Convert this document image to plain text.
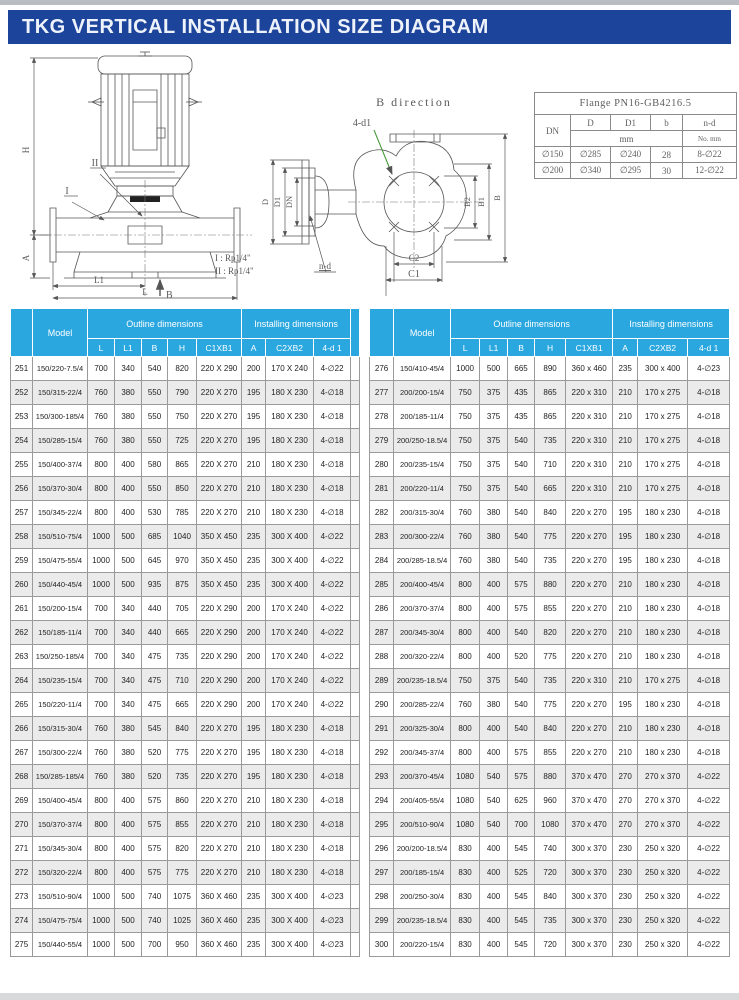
TKG VERTICAL INSTALLATION SIZE DIAGRAM
H
A
L1
L B
I
II
B direction
4-d1
D D1 DN	B2 B1 B
C2
C1
n-d
I : Rp1/4"
II : Rp1/4"
Flange PN16-GB4216.5				
DN	D	D1	b	n-d
	mm			No. mm
∅150	∅285	∅240	28	8-∅22
∅200	∅340	∅295	30	12-∅22
	Model	Outline dimensions					Installing dimensions			
		L	L1	B	H	C1XB1	A	C2XB2	4-d 1	
251	150/220-7.5/4	700	340	540	820	220 X 290	200	170 X 240	4-∅22	
252	150/315-22/4	760	380	550	790	220 X 270	195	180 X 230	4-∅18	
253	150/300-185/4	760	380	550	750	220 X 270	195	180 X 230	4-∅18	
254	150/285-15/4	760	380	550	725	220 X 270	195	180 X 230	4-∅18	
255	150/400-37/4	800	400	580	865	220 X 270	210	180 X 230	4-∅18	
256	150/370-30/4	800	400	550	850	220 X 270	210	180 X 230	4-∅18	
257	150/345-22/4	800	400	530	785	220 X 270	210	180 X 230	4-∅18	
258	150/510-75/4	1000	500	685	1040	350 X 450	235	300 X 400	4-∅22	
259	150/475-55/4	1000	500	645	970	350 X 450	235	300 X 400	4-∅22	
260	150/440-45/4	1000	500	935	875	350 X 450	235	300 X 400	4-∅22	
261	150/200-15/4	700	340	440	705	220 X 290	200	170 X 240	4-∅22	
262	150/185-11/4	700	340	440	665	220 X 290	200	170 X 240	4-∅22	
263	150/250-185/4	700	340	475	735	220 X 290	200	170 X 240	4-∅22	
264	150/235-15/4	700	340	475	710	220 X 290	200	170 X 240	4-∅22	
265	150/220-11/4	700	340	475	665	220 X 290	200	170 X 240	4-∅22	
266	150/315-30/4	760	380	545	840	220 X 270	195	180 X 230	4-∅18	
267	150/300-22/4	760	380	520	775	220 X 270	195	180 X 230	4-∅18	
268	150/285-185/4	760	380	520	735	220 X 270	195	180 X 230	4-∅18	
269	150/400-45/4	800	400	575	860	220 X 270	210	180 X 230	4-∅18	
270	150/370-37/4	800	400	575	855	220 X 270	210	180 X 230	4-∅18	
271	150/345-30/4	800	400	575	820	220 X 270	210	180 X 230	4-∅18	
272	150/320-22/4	800	400	575	775	220 X 270	210	180 X 230	4-∅18	
273	150/510-90/4	1000	500	740	1075	360 X 460	235	300 X 400	4-∅23	
274	150/475-75/4	1000	500	740	1025	360 X 460	235	300 X 400	4-∅23	
275	150/440-55/4	1000	500	700	950	360 X 460	235	300 X 400	4-∅23	
	Model	Outline dimensions					Installing dimensions		
		L	L1	B	H	C1XB1	A	C2XB2	4-d 1
276	150/410-45/4	1000	500	665	890	360 x 460	235	300 x 400	4-∅23
277	200/200-15/4	750	375	435	865	220 x 310	210	170 x 275	4-∅18
278	200/185-11/4	750	375	435	865	220 x 310	210	170 x 275	4-∅18
279	200/250-18.5/4	750	375	540	735	220 x 310	210	170 x 275	4-∅18
280	200/235-15/4	750	375	540	710	220 x 310	210	170 x 275	4-∅18
281	200/220-11/4	750	375	540	665	220 x 310	210	170 x 275	4-∅18
282	200/315-30/4	760	380	540	840	220 x 270	195	180 x 230	4-∅18
283	200/300-22/4	760	380	540	775	220 x 270	195	180 x 230	4-∅18
284	200/285-18.5/4	760	380	540	735	220 x 270	195	180 x 230	4-∅18
285	200/400-45/4	800	400	575	880	220 x 270	210	180 x 230	4-∅18
286	200/370-37/4	800	400	575	855	220 x 270	210	180 x 230	4-∅18
287	200/345-30/4	800	400	540	820	220 x 270	210	180 x 230	4-∅18
288	200/320-22/4	800	400	520	775	220 x 270	210	180 x 230	4-∅18
289	200/235-18.5/4	750	375	540	735	220 x 310	210	170 x 275	4-∅18
290	200/285-22/4	760	380	540	775	220 x 270	195	180 x 230	4-∅18
291	200/325-30/4	800	400	540	840	220 x 270	210	180 x 230	4-∅18
292	200/345-37/4	800	400	575	855	220 x 270	210	180 x 230	4-∅18
293	200/370-45/4	1080	540	575	880	370 x 470	270	270 x 370	4-∅22
294	200/405-55/4	1080	540	625	960	370 x 470	270	270 x 370	4-∅22
295	200/510-90/4	1080	540	700	1080	370 x 470	270	270 x 370	4-∅22
296	200/200-18.5/4	830	400	545	740	300 x 370	230	250 x 320	4-∅22
297	200/185-15/4	830	400	525	720	300 x 370	230	250 x 320	4-∅22
298	200/250-30/4	830	400	545	840	300 x 370	230	250 x 320	4-∅22
299	200/235-18.5/4	830	400	545	735	300 x 370	230	250 x 320	4-∅22
300	200/220-15/4	830	400	545	720	300 x 370	230	250 x 320	4-∅22
